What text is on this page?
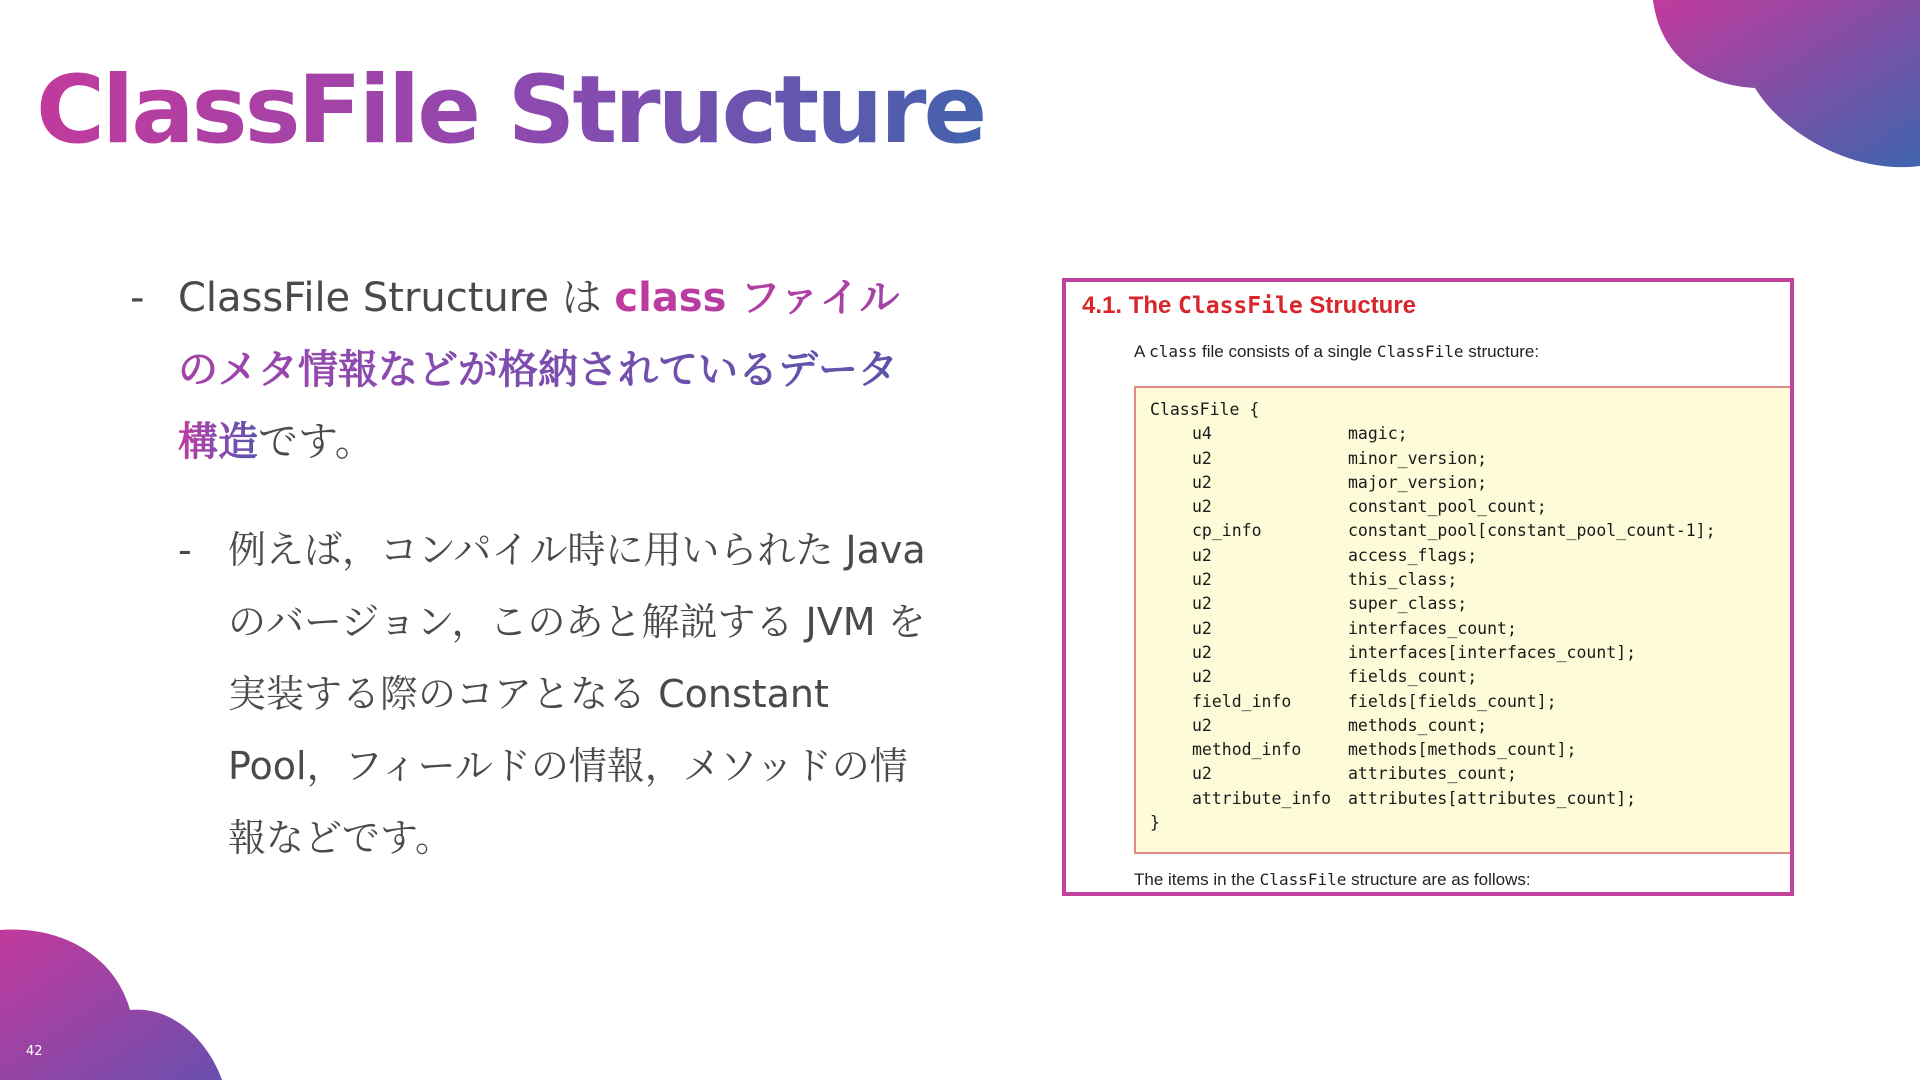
42
ClassFile Structure
- ClassFile Structure は class ファイルのメタ情報などが格納されているデータ構造です。
- 例えば，コンパイル時に用いられた Java のバージョン，このあと解説する JVM を実装する際のコアとなる Constant Pool，フィールドの情報，メソッドの情報などです。
4.1. The ClassFile Structure
A class file consists of a single ClassFile structure:
ClassFile {
u4	magic;
u2	minor_version;
u2	major_version;
u2	constant_pool_count;
cp_info	constant_pool[constant_pool_count-1];
u2	access_flags;
u2	this_class;
u2	super_class;
u2	interfaces_count;
u2	interfaces[interfaces_count];
u2	fields_count;
field_info	fields[fields_count];
u2	methods_count;
method_info	methods[methods_count];
u2	attributes_count;
attribute_info attributes[attributes_count];
}
The items in the ClassFile structure are as follows:
